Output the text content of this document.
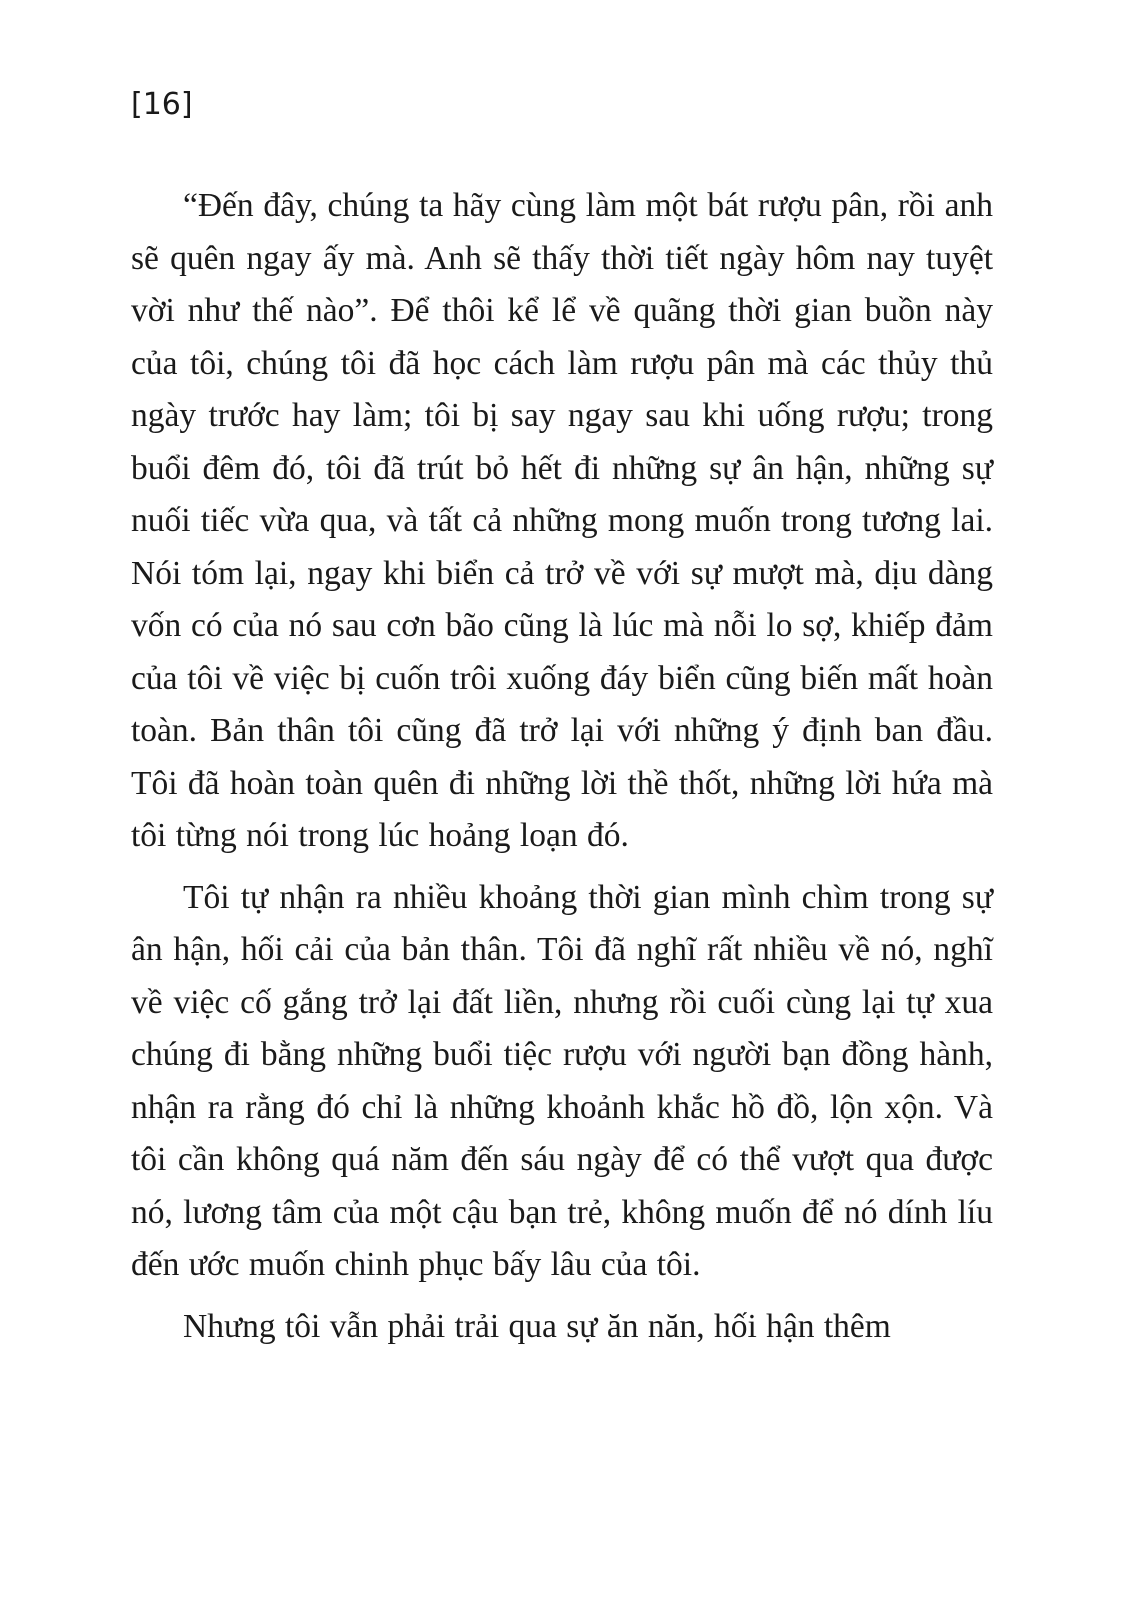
[16]

“Đến đây, chúng ta hãy cùng làm một bát rượu pân, rồi anh sẽ quên ngay ấy mà. Anh sẽ thấy thời tiết ngày hôm nay tuyệt vời như thế nào”. Để thôi kể lể về quãng thời gian buồn này của tôi, chúng tôi đã học cách làm rượu pân mà các thủy thủ ngày trước hay làm; tôi bị say ngay sau khi uống rượu; trong buổi đêm đó, tôi đã trút bỏ hết đi những sự ân hận, những sự nuối tiếc vừa qua, và tất cả những mong muốn trong tương lai. Nói tóm lại, ngay khi biển cả trở về với sự mượt mà, dịu dàng vốn có của nó sau cơn bão cũng là lúc mà nỗi lo sợ, khiếp đảm của tôi về việc bị cuốn trôi xuống đáy biển cũng biến mất hoàn toàn. Bản thân tôi cũng đã trở lại với những ý định ban đầu. Tôi đã hoàn toàn quên đi những lời thề thốt, những lời hứa mà tôi từng nói trong lúc hoảng loạn đó.

Tôi tự nhận ra nhiều khoảng thời gian mình chìm trong sự ân hận, hối cải của bản thân. Tôi đã nghĩ rất nhiều về nó, nghĩ về việc cố gắng trở lại đất liền, nhưng rồi cuối cùng lại tự xua chúng đi bằng những buổi tiệc rượu với người bạn đồng hành, nhận ra rằng đó chỉ là những khoảnh khắc hồ đồ, lộn xộn. Và tôi cần không quá năm đến sáu ngày để có thể vượt qua được nó, lương tâm của một cậu bạn trẻ, không muốn để nó dính líu đến ước muốn chinh phục bấy lâu của tôi.

Nhưng tôi vẫn phải trải qua sự ăn năn, hối hận thêm
